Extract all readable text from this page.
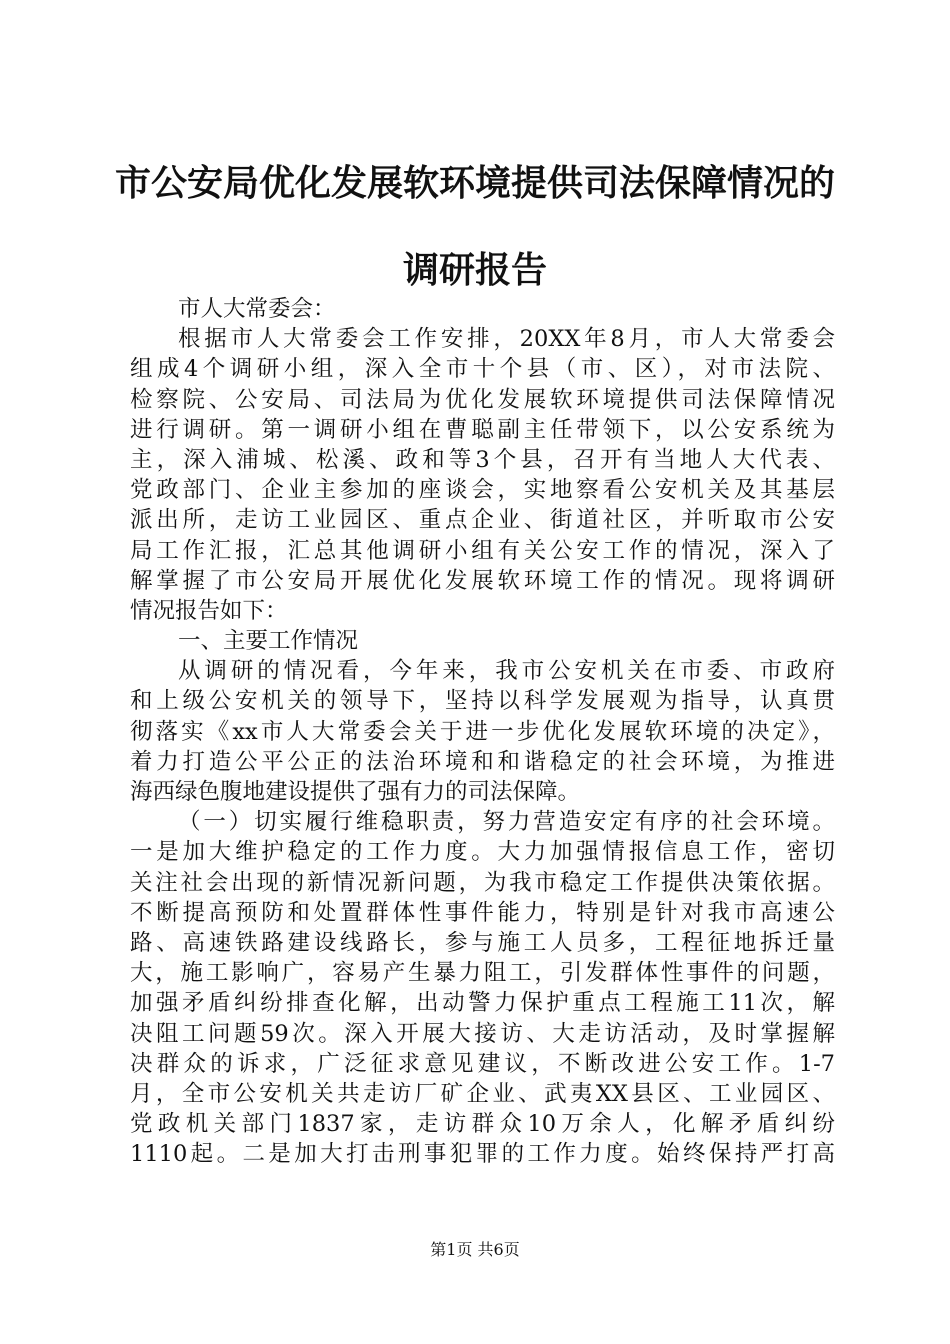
市公安局优化发展软环境提供司法保障情况的
调研报告
市人大常委会：
根据市人大常委会工作安排，20XX年8月，市人大常委会
组成4个调研小组，深入全市十个县（市、区），对市法院、
检察院、公安局、司法局为优化发展软环境提供司法保障情况
进行调研。第一调研小组在曹聪副主任带领下，以公安系统为
主，深入浦城、松溪、政和等3个县，召开有当地人大代表、
党政部门、企业主参加的座谈会，实地察看公安机关及其基层
派出所，走访工业园区、重点企业、街道社区，并听取市公安
局工作汇报，汇总其他调研小组有关公安工作的情况，深入了
解掌握了市公安局开展优化发展软环境工作的情况。现将调研
情况报告如下：
一、主要工作情况
从调研的情况看，今年来，我市公安机关在市委、市政府
和上级公安机关的领导下，坚持以科学发展观为指导，认真贯
彻落实《xx市人大常委会关于进一步优化发展软环境的决定》，
着力打造公平公正的法治环境和和谐稳定的社会环境，为推进
海西绿色腹地建设提供了强有力的司法保障。
（一）切实履行维稳职责，努力营造安定有序的社会环境。
一是加大维护稳定的工作力度。大力加强情报信息工作，密切
关注社会出现的新情况新问题，为我市稳定工作提供决策依据。
不断提高预防和处置群体性事件能力，特别是针对我市高速公
路、高速铁路建设线路长，参与施工人员多，工程征地拆迁量
大，施工影响广，容易产生暴力阻工，引发群体性事件的问题，
加强矛盾纠纷排查化解，出动警力保护重点工程施工11次，解
决阻工问题59次。深入开展大接访、大走访活动，及时掌握解
决群众的诉求，广泛征求意见建议，不断改进公安工作。1-7
月，全市公安机关共走访厂矿企业、武夷XX县区、工业园区、
党政机关部门1837家，走访群众10万余人，化解矛盾纠纷
1110起。二是加大打击刑事犯罪的工作力度。始终保持严打高
第1页 共6页
